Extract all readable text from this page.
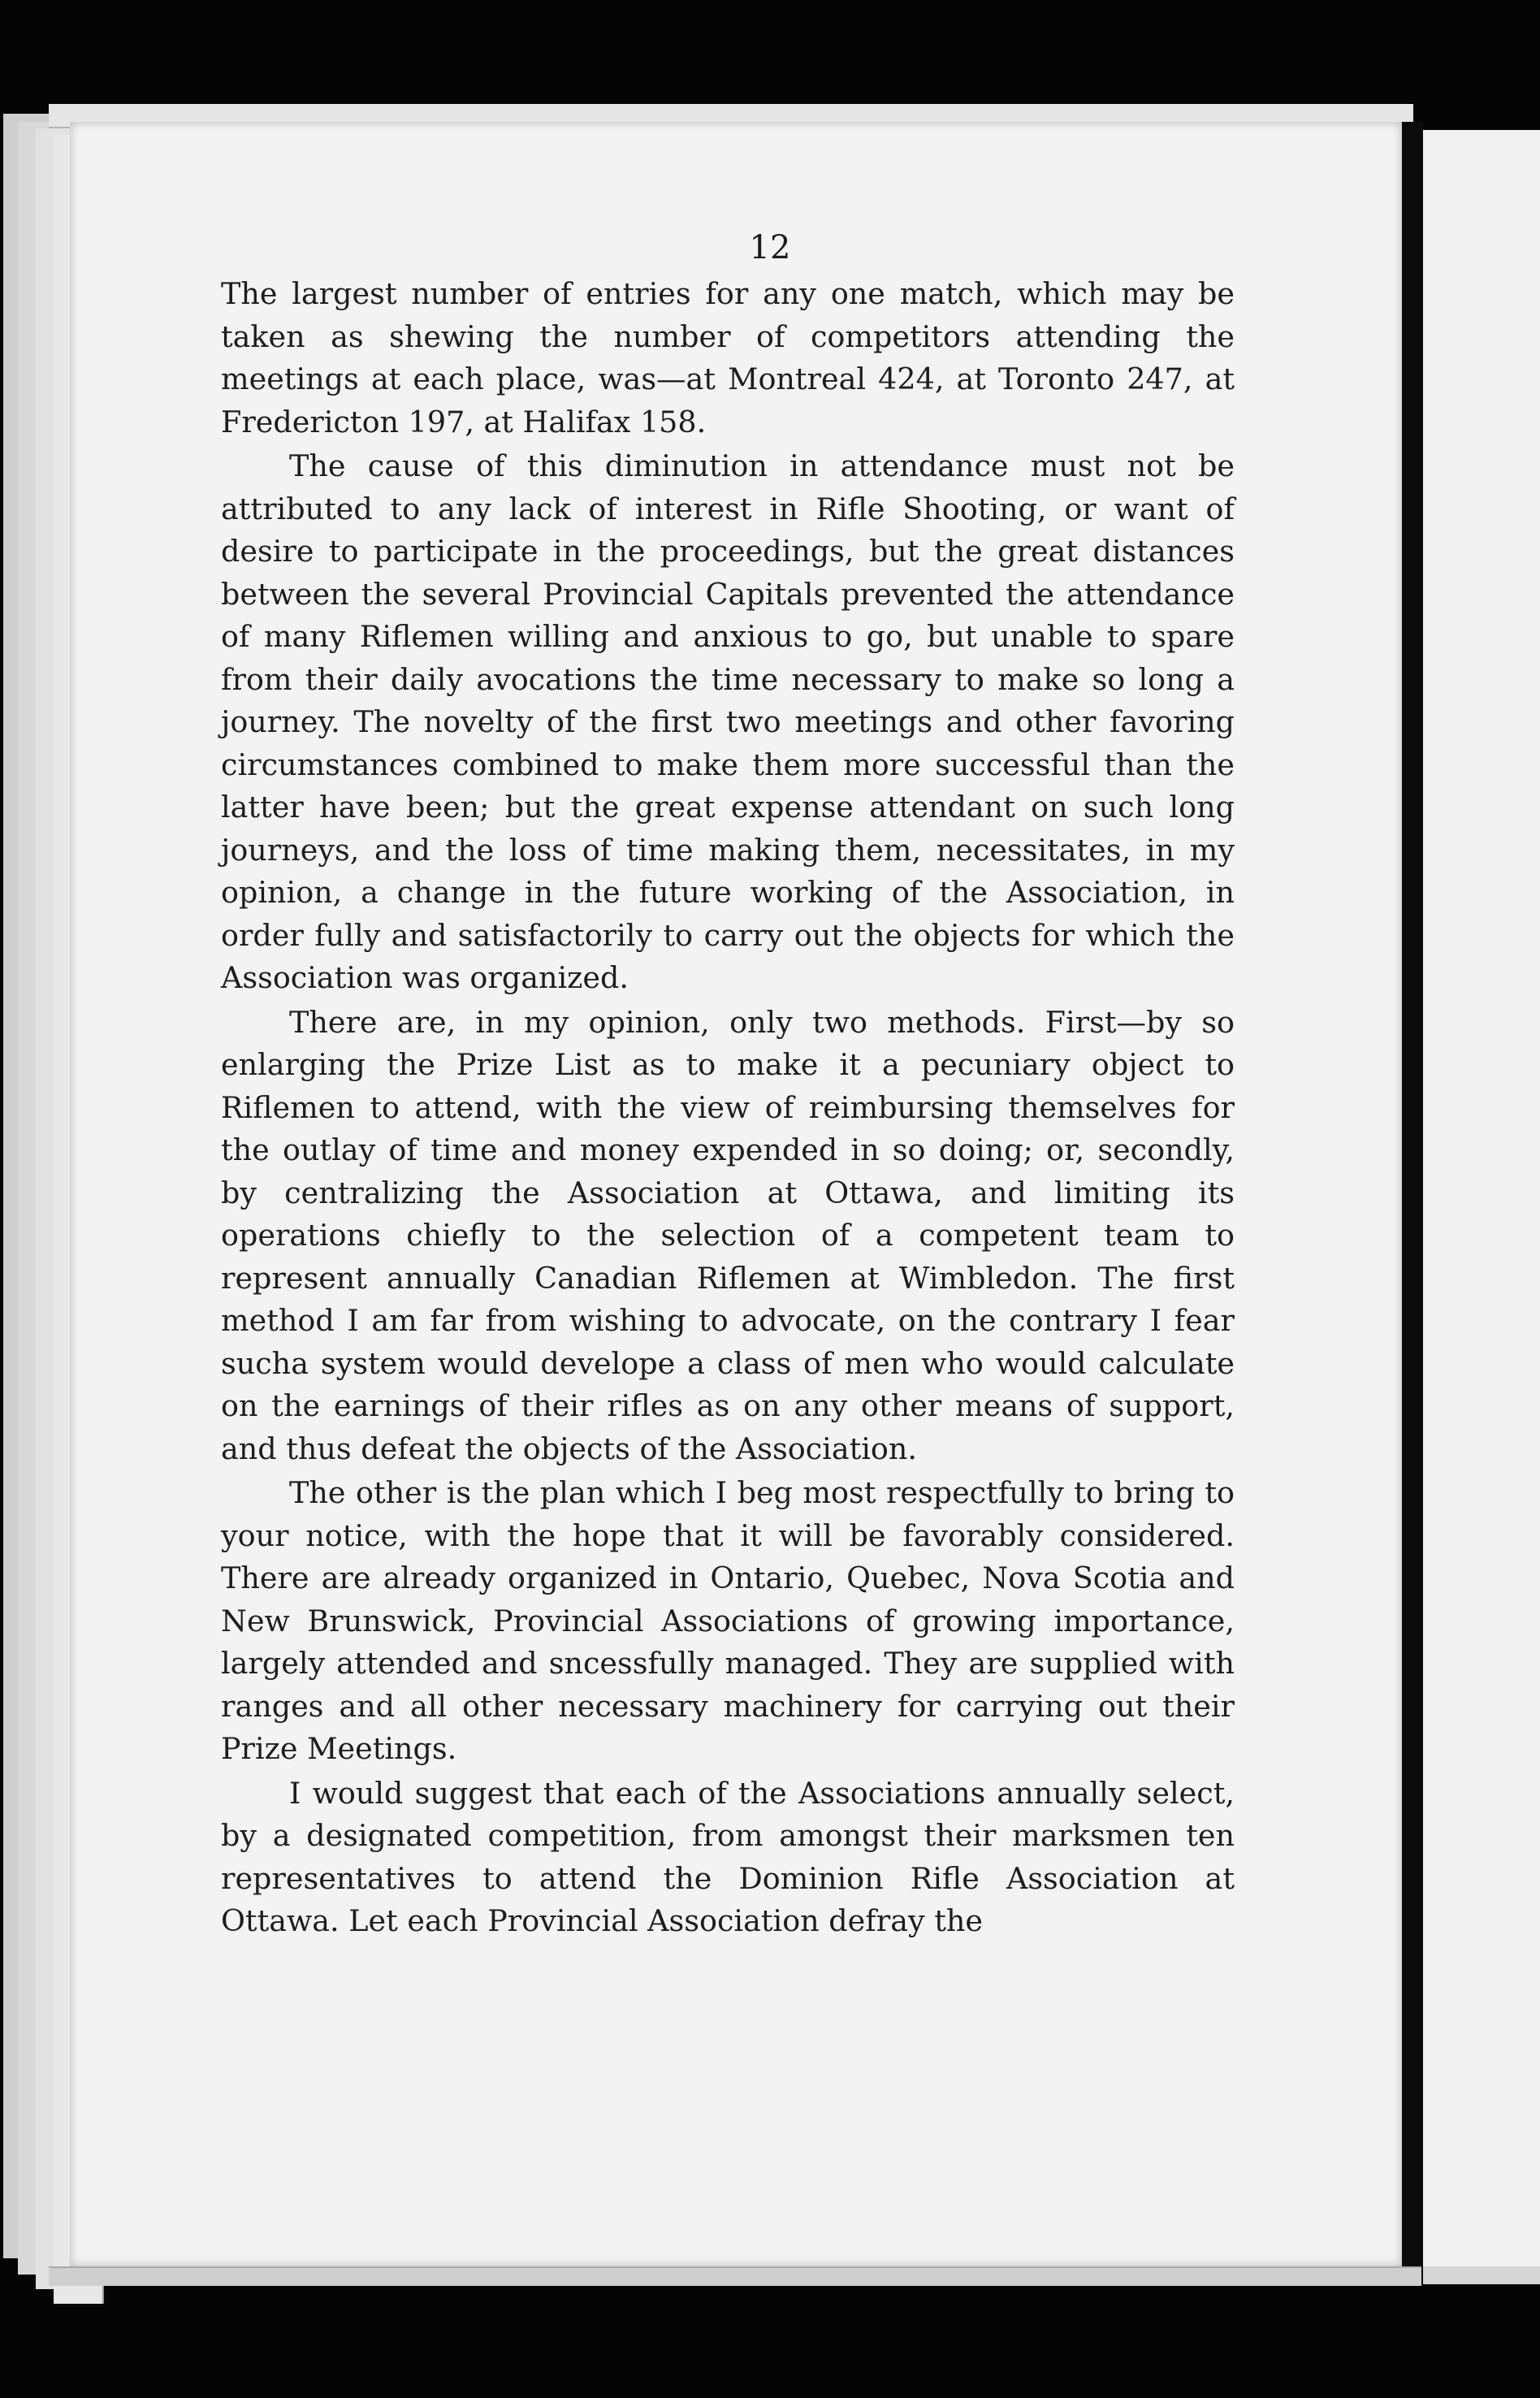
12

The largest number of entries for any one match, which may be taken as shewing the number of competitors attending the meetings at each place, was—at Montreal 424, at Toronto 247, at Fredericton 197, at Halifax 158.

The cause of this diminution in attendance must not be attributed to any lack of interest in Rifle Shooting, or want of desire to participate in the proceedings, but the great distances between the several Provincial Capitals prevented the attendance of many Riflemen willing and anxious to go, but unable to spare from their daily avocations the time necessary to make so long a journey. The novelty of the first two meetings and other favoring circumstances combined to make them more successful than the latter have been; but the great expense attendant on such long journeys, and the loss of time making them, necessitates, in my opinion, a change in the future working of the Association, in order fully and satisfactorily to carry out the objects for which the Association was organized.

There are, in my opinion, only two methods. First—by so enlarging the Prize List as to make it a pecuniary object to Riflemen to attend, with the view of reimbursing themselves for the outlay of time and money expended in so doing; or, secondly, by centralizing the Association at Ottawa, and limiting its operations chiefly to the selection of a competent team to represent annually Canadian Riflemen at Wimbledon. The first method I am far from wishing to advocate, on the contrary I fear sucha system would develope a class of men who would calculate on the earnings of their rifles as on any other means of support, and thus defeat the objects of the Association.

The other is the plan which I beg most respectfully to bring to your notice, with the hope that it will be favorably considered. There are already organized in Ontario, Quebec, Nova Scotia and New Brunswick, Provincial Associations of growing importance, largely attended and sncessfully managed. They are supplied with ranges and all other necessary machinery for carrying out their Prize Meetings.

I would suggest that each of the Associations annually select, by a designated competition, from amongst their marksmen ten representatives to attend the Dominion Rifle Association at Ottawa. Let each Provincial Association defray the
